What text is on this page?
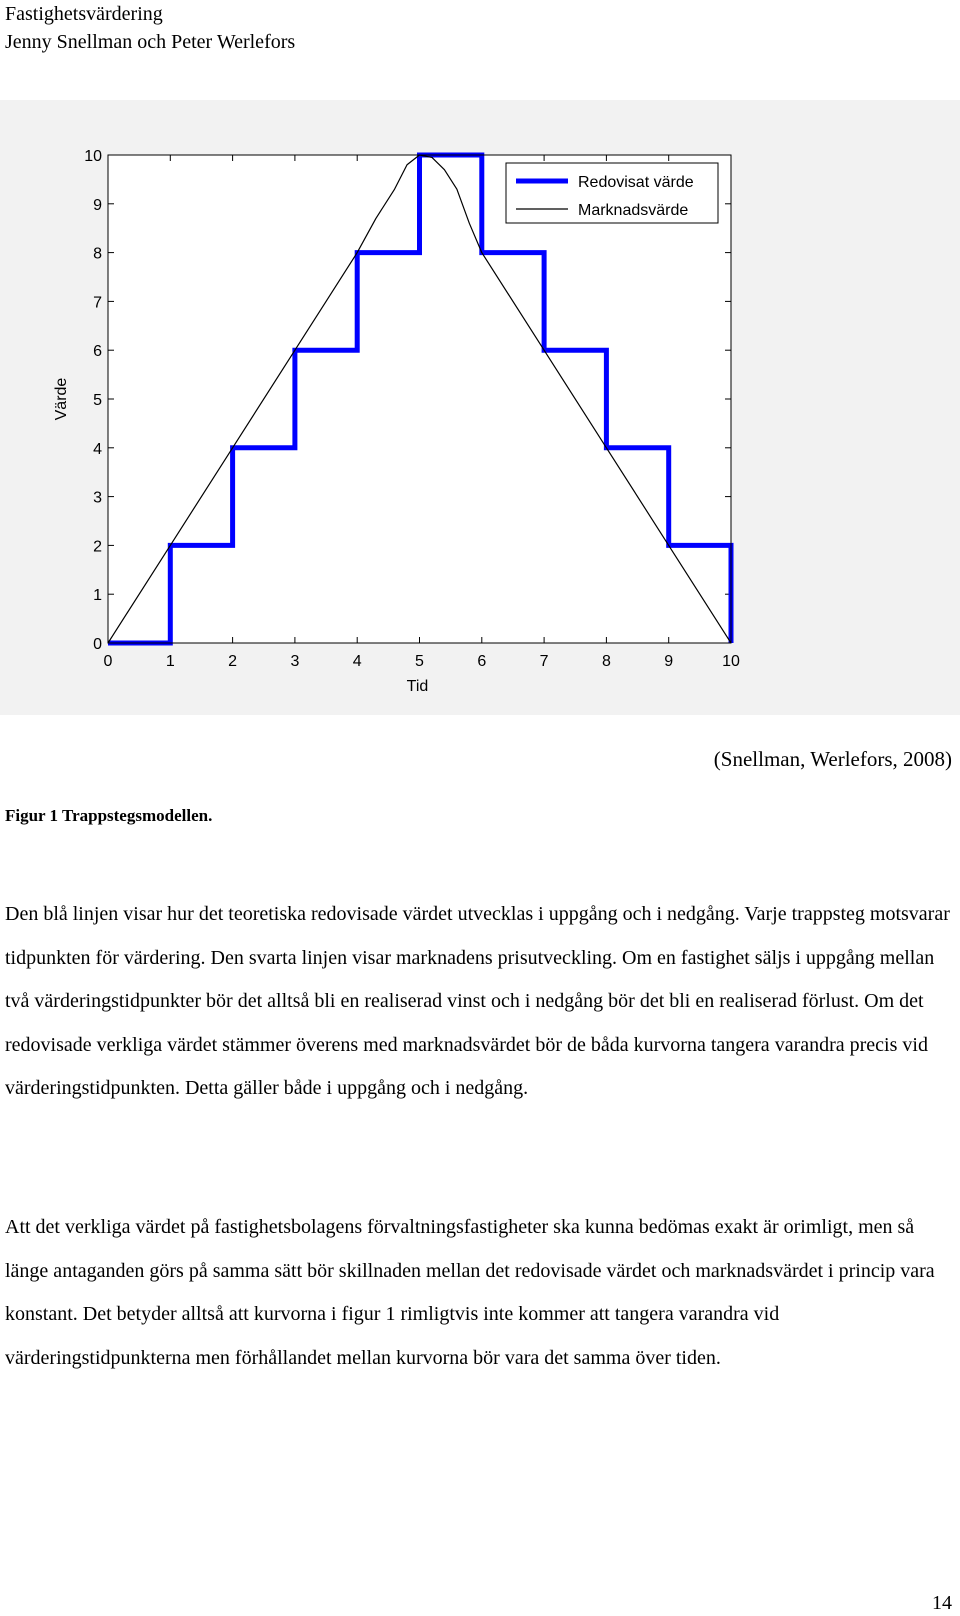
Fastighetsvärdering
Jenny Snellman och Peter Werlefors
0	1	2	3	4	5	6	7	8	9	10
0
1
2
3
4
5
6
7
8
9
10
Redovisat värde
Marknadsvärde
Tid
Värde
(Snellman, Werlefors, 2008)
Figur 1 Trappstegsmodellen.

Den blå linjen visar hur det teoretiska redovisade värdet utvecklas i uppgång och i nedgång. Varje trappsteg motsvarar tidpunkten för värdering. Den svarta linjen visar marknadens prisutveckling. Om en fastighet säljs i uppgång mellan två värderingstidpunkter bör det alltså bli en realiserad vinst och i nedgång bör det bli en realiserad förlust. Om det redovisade verkliga värdet stämmer överens med marknadsvärdet bör de båda kurvorna tangera varandra precis vid värderingstidpunkten. Detta gäller både i uppgång och i nedgång.

Att det verkliga värdet på fastighetsbolagens förvaltningsfastigheter ska kunna bedömas exakt är orimligt, men så länge antaganden görs på samma sätt bör skillnaden mellan det redovisade värdet och marknadsvärdet i princip vara konstant. Det betyder alltså att kurvorna i figur 1 rimligtvis inte kommer att tangera varandra vid värderingstidpunkterna men förhållandet mellan kurvorna bör vara det samma över tiden.

14
